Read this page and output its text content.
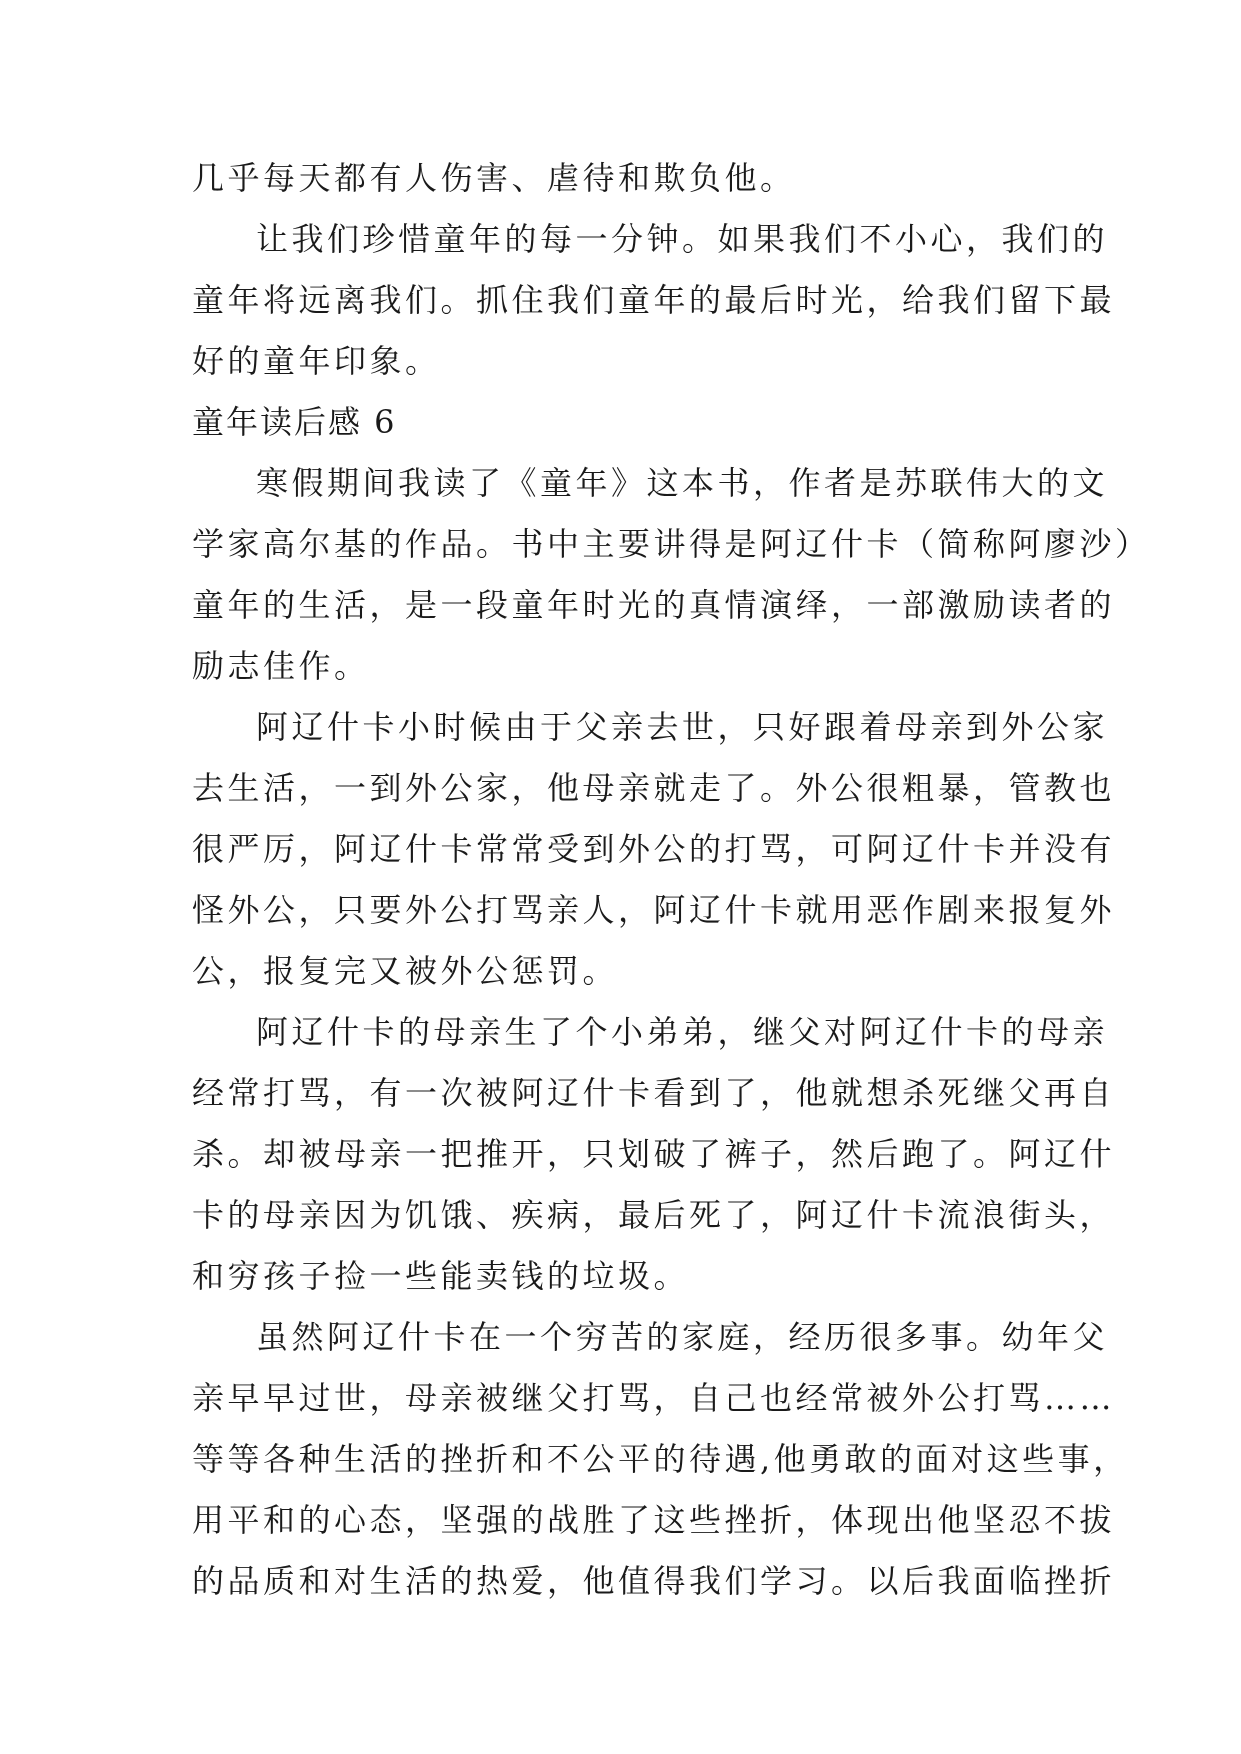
几乎每天都有人伤害、虐待和欺负他。
让我们珍惜童年的每一分钟。如果我们不小心，我们的
童年将远离我们。抓住我们童年的最后时光，给我们留下最
好的童年印象。
童年读后感 6
寒假期间我读了《童年》这本书，作者是苏联伟大的文
学家高尔基的作品。书中主要讲得是阿辽什卡（简称阿廖沙）
童年的生活，是一段童年时光的真情演绎，一部激励读者的
励志佳作。
阿辽什卡小时候由于父亲去世，只好跟着母亲到外公家
去生活，一到外公家，他母亲就走了。外公很粗暴，管教也
很严厉，阿辽什卡常常受到外公的打骂，可阿辽什卡并没有
怪外公，只要外公打骂亲人，阿辽什卡就用恶作剧来报复外
公，报复完又被外公惩罚。
阿辽什卡的母亲生了个小弟弟，继父对阿辽什卡的母亲
经常打骂，有一次被阿辽什卡看到了，他就想杀死继父再自
杀。却被母亲一把推开，只划破了裤子，然后跑了。阿辽什
卡的母亲因为饥饿、疾病，最后死了，阿辽什卡流浪街头，
和穷孩子捡一些能卖钱的垃圾。
虽然阿辽什卡在一个穷苦的家庭，经历很多事。幼年父
亲早早过世，母亲被继父打骂，自己也经常被外公打骂……
等等各种生活的挫折和不公平的待遇,他勇敢的面对这些事，
用平和的心态，坚强的战胜了这些挫折，体现出他坚忍不拔
的品质和对生活的热爱，他值得我们学习。以后我面临挫折
